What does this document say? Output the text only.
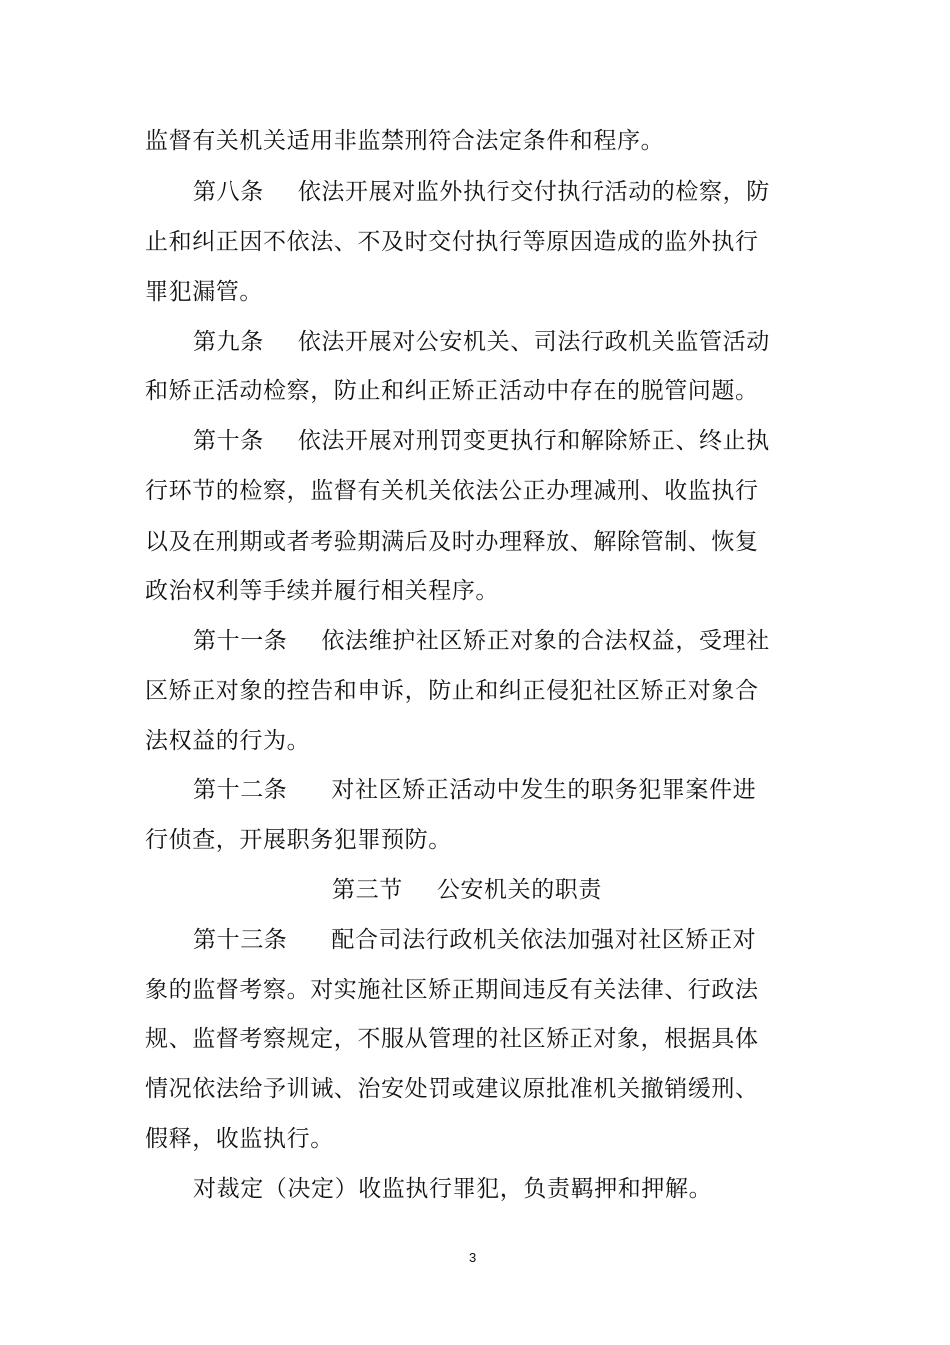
监督有关机关适用非监禁刑符合法定条件和程序。
第八条 依法开展对监外执行交付执行活动的检察，防
止和纠正因不依法、不及时交付执行等原因造成的监外执行
罪犯漏管。
第九条 依法开展对公安机关、司法行政机关监管活动
和矫正活动检察，防止和纠正矫正活动中存在的脱管问题。
第十条 依法开展对刑罚变更执行和解除矫正、终止执
行环节的检察，监督有关机关依法公正办理减刑、收监执行
以及在刑期或者考验期满后及时办理释放、解除管制、恢复
政治权利等手续并履行相关程序。
第十一条 依法维护社区矫正对象的合法权益，受理社
区矫正对象的控告和申诉，防止和纠正侵犯社区矫正对象合
法权益的行为。
第十二条 对社区矫正活动中发生的职务犯罪案件进
行侦查，开展职务犯罪预防。
第三节 公安机关的职责
第十三条 配合司法行政机关依法加强对社区矫正对
象的监督考察。对实施社区矫正期间违反有关法律、行政法
规、监督考察规定，不服从管理的社区矫正对象，根据具体
情况依法给予训诫、治安处罚或建议原批准机关撤销缓刑、
假释，收监执行。
对裁定（决定）收监执行罪犯，负责羁押和押解。
3
